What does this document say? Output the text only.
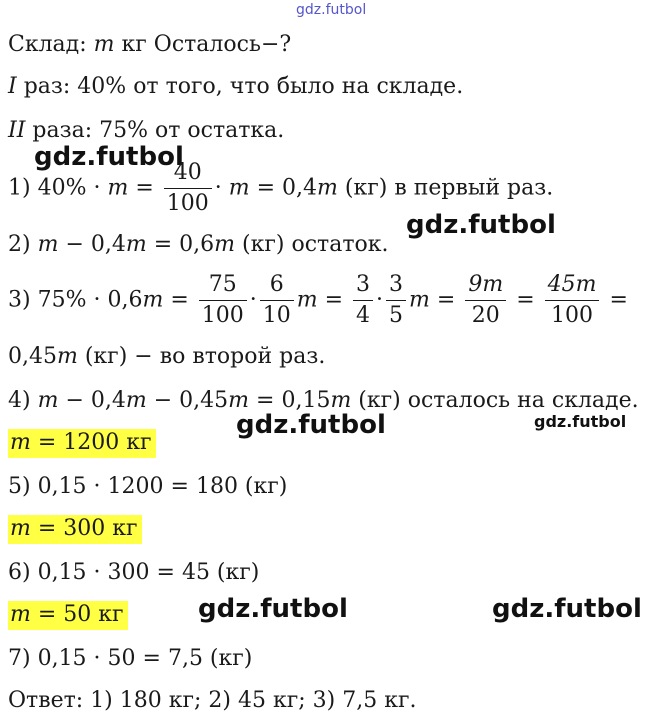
gdz.futbol
gdz.futbol
gdz.futbol
gdz.futbol	gdz.futbol
gdz.futbol	gdz.futbol
Склад: m кг Осталось−?
I раз: 40% от того, что было на складе.
II раза: 75% от остатка.
1) $40\% \cdot m = \frac{40}{100} \cdot m = 0,4m$ (кг) в первый раз.
2) m − 0,4m = 0,6m (кг) остаток.
3) $75\% \cdot 0,6m = \frac{75}{100} \cdot \frac{6}{10}$ $m = \frac{3}{4} \cdot \frac{3}{5}$ $m = \frac{9m}{20} = \frac{45m}{100}$ =
0,45m (кг) − во второй раз.
4) m − 0,4m − 0,45m = 0,15m (кг) осталось на складе.
m = 1200 кг
5) 0,15 · 1200 = 180 (кг)
m = 300 кг
6) 0,15 · 300 = 45 (кг)
m = 50 кг
7) 0,15 · 50 = 7,5 (кг)
Ответ: 1) 180 кг; 2) 45 кг; 3) 7,5 кг.
